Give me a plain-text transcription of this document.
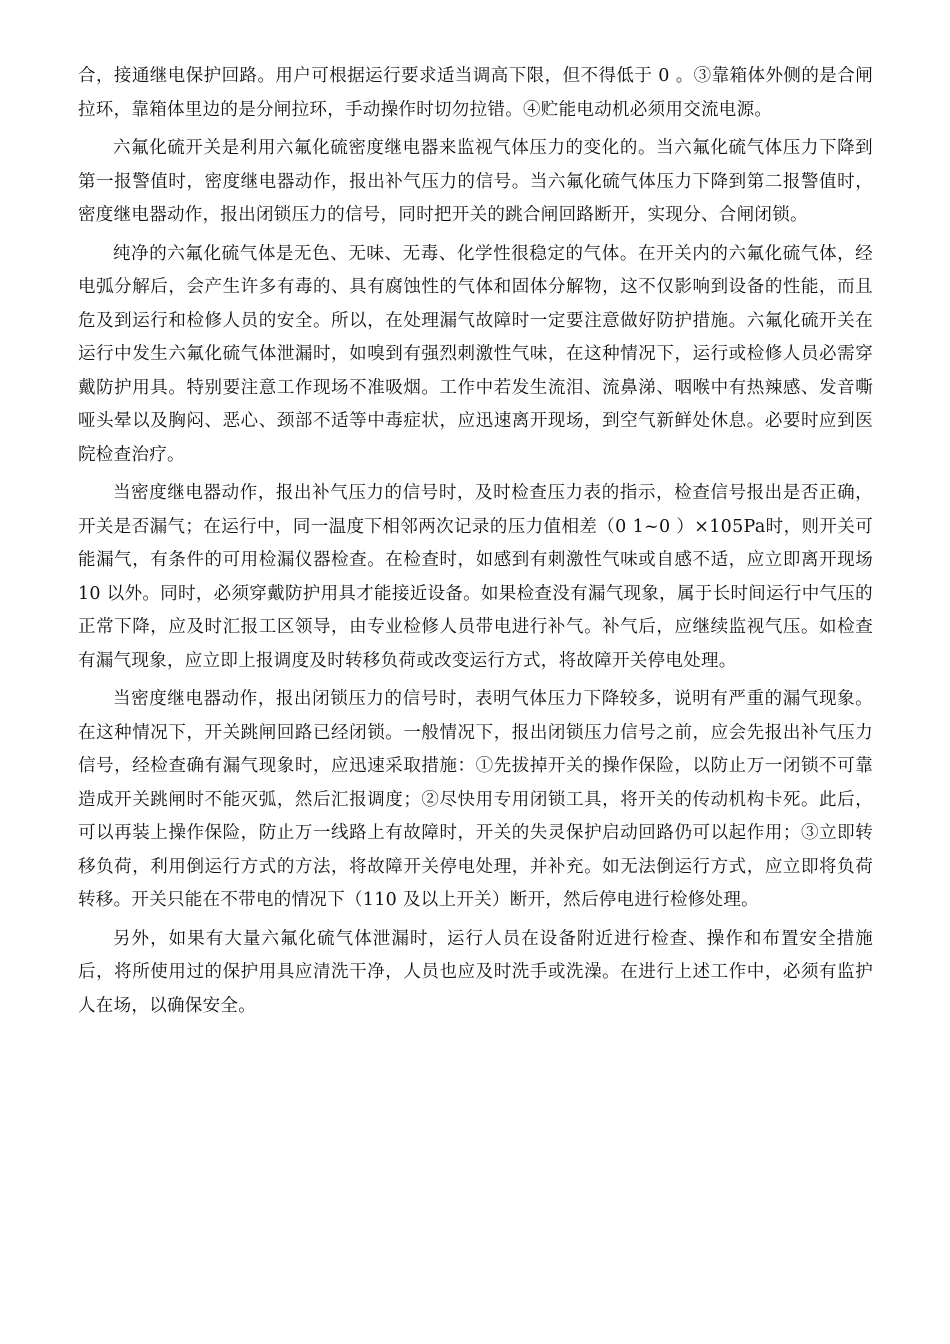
合，接通继电保护回路。用户可根据运行要求适当调高下限，但不得低于 0 。③靠箱体外侧的是合闸拉环，靠箱体里边的是分闸拉环，手动操作时切勿拉错。④贮能电动机必须用交流电源。

六氟化硫开关是利用六氟化硫密度继电器来监视气体压力的变化的。当六氟化硫气体压力下降到第一报警值时，密度继电器动作，报出补气压力的信号。当六氟化硫气体压力下降到第二报警值时，密度继电器动作，报出闭锁压力的信号，同时把开关的跳合闸回路断开，实现分、合闸闭锁。

纯净的六氟化硫气体是无色、无味、无毒、化学性很稳定的气体。在开关内的六氟化硫气体，经电弧分解后，会产生许多有毒的、具有腐蚀性的气体和固体分解物，这不仅影响到设备的性能，而且危及到运行和检修人员的安全。所以，在处理漏气故障时一定要注意做好防护措施。六氟化硫开关在运行中发生六氟化硫气体泄漏时，如嗅到有强烈刺激性气味，在这种情况下，运行或检修人员必需穿戴防护用具。特别要注意工作现场不准吸烟。工作中若发生流泪、流鼻涕、咽喉中有热辣感、发音嘶哑头晕以及胸闷、恶心、颈部不适等中毒症状，应迅速离开现场，到空气新鲜处休息。必要时应到医院检查治疗。

当密度继电器动作，报出补气压力的信号时，及时检查压力表的指示，检查信号报出是否正确，开关是否漏气；在运行中，同一温度下相邻两次记录的压力值相差（0 1~0 ）×105Pa时，则开关可能漏气，有条件的可用检漏仪器检查。在检查时，如感到有刺激性气味或自感不适，应立即离开现场 10 以外。同时，必须穿戴防护用具才能接近设备。如果检查没有漏气现象，属于长时间运行中气压的正常下降，应及时汇报工区领导，由专业检修人员带电进行补气。补气后，应继续监视气压。如检查有漏气现象，应立即上报调度及时转移负荷或改变运行方式，将故障开关停电处理。

当密度继电器动作，报出闭锁压力的信号时，表明气体压力下降较多，说明有严重的漏气现象。在这种情况下，开关跳闸回路已经闭锁。一般情况下，报出闭锁压力信号之前，应会先报出补气压力信号，经检查确有漏气现象时，应迅速采取措施：①先拔掉开关的操作保险，以防止万一闭锁不可靠造成开关跳闸时不能灭弧，然后汇报调度；②尽快用专用闭锁工具，将开关的传动机构卡死。此后，可以再装上操作保险，防止万一线路上有故障时，开关的失灵保护启动回路仍可以起作用；③立即转移负荷，利用倒运行方式的方法，将故障开关停电处理，并补充。如无法倒运行方式，应立即将负荷转移。开关只能在不带电的情况下（110 及以上开关）断开，然后停电进行检修处理。

另外，如果有大量六氟化硫气体泄漏时，运行人员在设备附近进行检查、操作和布置安全措施后，将所使用过的保护用具应清洗干净，人员也应及时洗手或洗澡。在进行上述工作中，必须有监护人在场，以确保安全。
